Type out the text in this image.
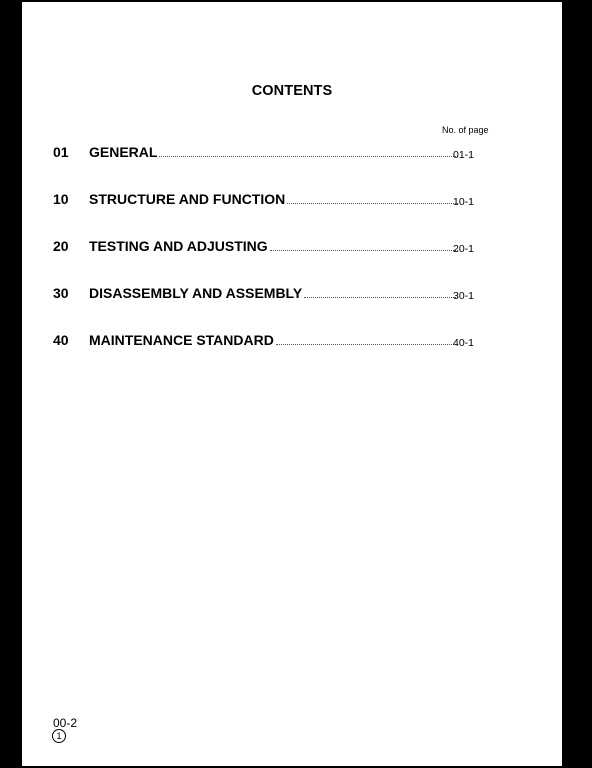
CONTENTS
No. of page
01 GENERAL	01-1
10 STRUCTURE AND FUNCTION	10-1
20 TESTING AND ADJUSTING	20-1
30 DISASSEMBLY AND ASSEMBLY	30-1
40 MAINTENANCE STANDARD	40-1
00-2
1
